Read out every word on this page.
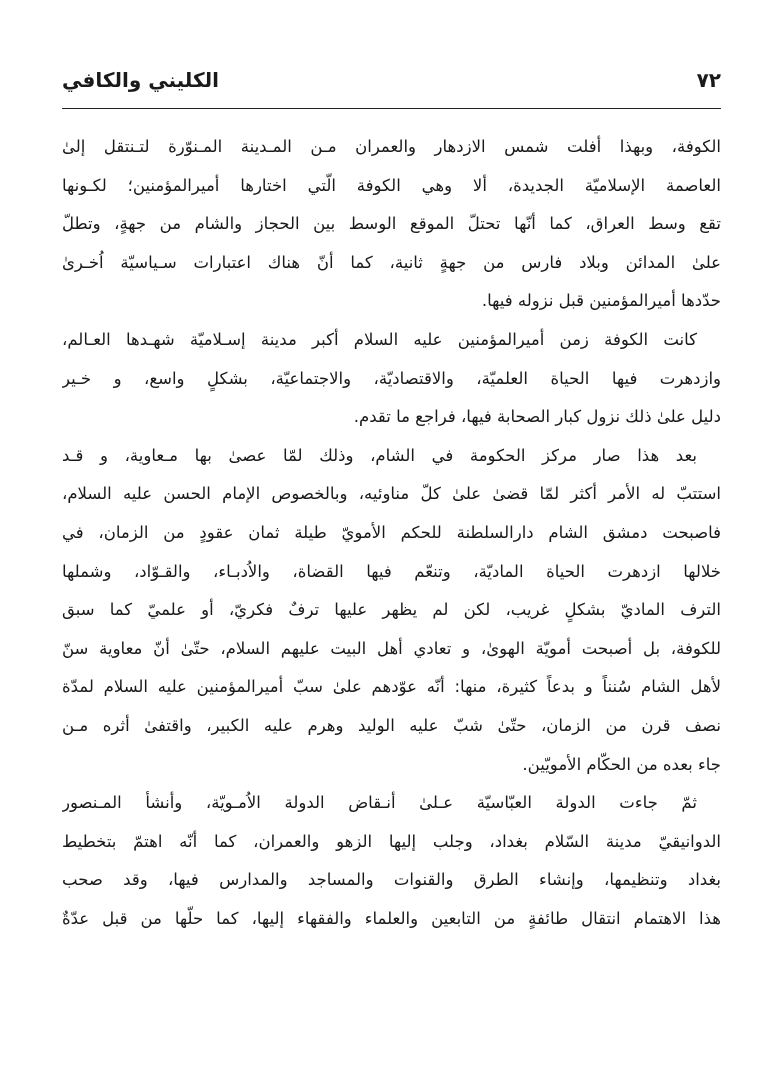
٧٢
الكليني والكافي
الكوفة، وبهذا أفلت شمس الازدهار والعمران مـن المـدينة المـنوّرة لتـنتقل إلىٰ
العاصمة الإسلاميّة الجديدة، ألا وهي الكوفة الّتي اختارها أميرالمؤمنين؛ لكـونها
تقع وسط العراق، كما أنّها تحتلّ الموقع الوسط بين الحجاز والشام من جهةٍ، وتطلّ
علىٰ المدائن وبلاد فارس من جهةٍ ثانية، كما أنّ هناك اعتبارات سـياسيّة اُخـرىٰ
حدّدها أميرالمؤمنين قبل نزوله فيها.
كانت الكوفة زمن أميرالمؤمنين عليه السلام أكبر مدينة إسـلاميّة شهـدها العـالم،
وازدهرت فيها الحياة العلميّة، والاقتصاديّة، والاجتماعيّة، بشكلٍ واسع، و خـير
دليل علىٰ ذلك نزول كبار الصحابة فيها، فراجع ما تقدم.
بعد هذا صار مركز الحكومة في الشام، وذلك لمّا عصىٰ بها مـعاوية، و قـد
استتبّ له الأمر أكثر لمّا قضىٰ علىٰ كلّ مناوئيه، وبالخصوص الإمام الحسن عليه السلام،
فاصبحت دمشق الشام دارالسلطنة للحكم الأمويّ طيلة ثمان عقودٍ من الزمان، في
خلالها ازدهرت الحياة الماديّة، وتنعّم فيها القضاة، والاُدبـاء، والقـوّاد، وشملها
الترف الماديّ بشكلٍ غريب، لكن لم يظهر عليها ترفٌ فكريّ، أو علميّ كما سبق
للكوفة، بل أصبحت أمويّة الهوىٰ، و تعادي أهل البيت عليهم السلام، حتّىٰ أنّ معاوية سنّ
لأهل الشام سُنناً و بدعاً كثيرة، منها: أنّه عوّدهم علىٰ سبّ أميرالمؤمنين عليه السلام لمدّة
نصف قرن من الزمان، حتّىٰ شبّ عليه الوليد وهرم عليه الكبير، واقتفىٰ أثره مـن
جاء بعده من الحكّام الأمويّين.
ثمّ جاءت الدولة العبّاسيّة عـلىٰ أنـقاض الدولة الاُمـويّة، وأنشأ المـنصور
الدوانيقيّ مدينة السّلام بغداد، وجلب إليها الزهو والعمران، كما أنّه اهتمّ بتخطيط
بغداد وتنظيمها، وإنشاء الطرق والقنوات والمساجد والمدارس فيها، وقد صحب
هذا الاهتمام انتقال طائفةٍ من التابعين والعلماء والفقهاء إليها، كما حلّها من قبل عدّةٌ
